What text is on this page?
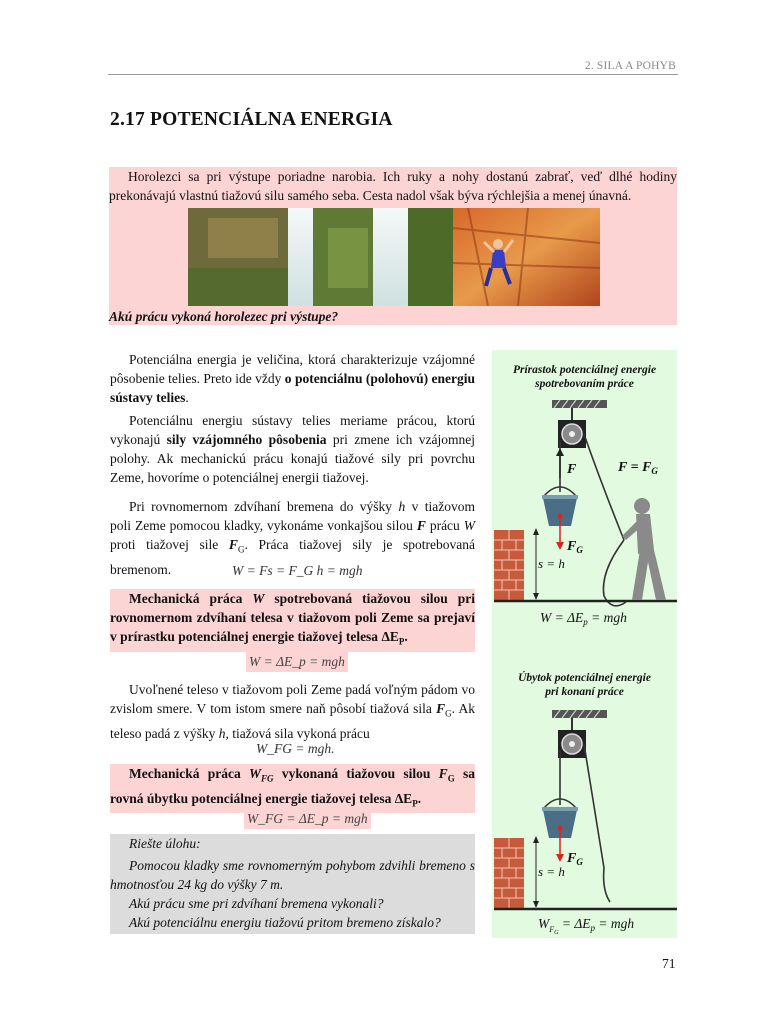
2. SILA A POHYB
2.17 POTENCIÁLNA ENERGIA

Horolezci sa pri výstupe poriadne narobia. Ich ruky a nohy dostanú zabrať, veď dlhé hodiny prekonávajú vlastnú tiažovú silu samého seba. Cesta nadol však býva rýchlejšia a menej únavná.

Akú prácu vykoná horolezec pri výstupe?

Potenciálna energia je veličina, ktorá charakterizuje vzájomné pôsobenie telies. Preto ide vždy o potenciálnu (polohovú) energiu sústavy telies.

Potenciálnu energiu sústavy telies meriame prácou, ktorú vykonajú sily vzájomného pôsobenia pri zmene ich vzájomnej polohy. Ak mechanickú prácu konajú tiažové sily pri povrchu Zeme, hovoríme o potenciálnej energii tiažovej.

Pri rovnomernom zdvíhaní bremena do výšky h v tiažovom poli Zeme pomocou kladky, vykonáme vonkajšou silou F prácu W proti tiažovej sile $F_G$. Práca tiažovej sily je spotrebovaná bremenom.	W = Fs = F_G h = mgh

Mechanická práca W spotrebovaná tiažovou silou pri rovnomernom zdvíhaní telesa v tiažovom poli Zeme sa prejaví v prírastku potenciálnej energie tiažovej telesa $\Delta E_P$.

W = ΔE_p = mgh

Uvoľnené teleso v tiažovom poli Zeme padá voľným pádom vo zvislom smere. V tom istom smere naň pôsobí tiažová sila $F_G$. Ak teleso padá z výšky h, tiažová sila vykoná prácu

W_FG = mgh.

Mechanická práca $W_{FG}$ vykonaná tiažovou silou $F_G$ sa rovná úbytku potenciálnej energie tiažovej telesa $\Delta E_P$.

W_FG = ΔE_p = mgh

Riešte úlohu:

Pomocou kladky sme rovnomerným pohybom zdvihli bremeno s hmotnosťou 24 kg do výšky 7 m.

Akú prácu sme pri zdvíhaní bremena vykonali?

Akú potenciálnu energiu tiažovú pritom bremeno získalo?

Prírastok potenciálnej energie
spotrebovaním práce
F	$F = F_G$
$F_G$
s = h
$W = \Delta E_p$ = mgh
Úbytok potenciálnej energie
pri konaní práce
$F_G$
s = h
$W_FG = \Delta E_p$ = mgh
71
